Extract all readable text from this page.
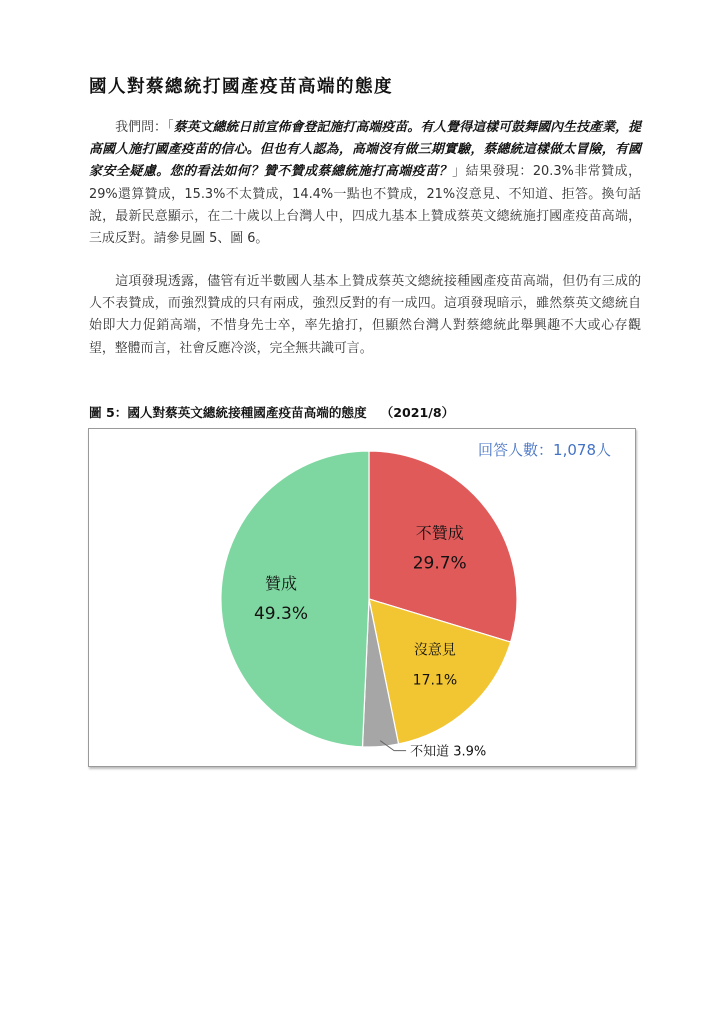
國人對蔡總統打國產疫苗高端的態度

我們問：「蔡英文總統日前宣佈會登記施打高端疫苗。有人覺得這樣可鼓舞國內生技產業，提高國人施打國產疫苗的信心。但也有人認為，高端沒有做三期實驗，蔡總統這樣做太冒險，有國家安全疑慮。您的看法如何？贊不贊成蔡總統施打高端疫苗？」結果發現：20.3%非常贊成，29%還算贊成，15.3%不太贊成，14.4%一點也不贊成，21%沒意見、不知道、拒答。換句話說，最新民意顯示，在二十歲以上台灣人中，四成九基本上贊成蔡英文總統施打國產疫苗高端，三成反對。請參見圖 5、圖 6。

這項發現透露，儘管有近半數國人基本上贊成蔡英文總統接種國產疫苗高端，但仍有三成的人不表贊成，而強烈贊成的只有兩成，強烈反對的有一成四。這項發現暗示，雖然蔡英文總統自始即大力促銷高端，不惜身先士卒，率先搶打，但顯然台灣人對蔡總統此舉興趣不大或心存觀望，整體而言，社會反應冷淡，完全無共識可言。

圖 5：國人對蔡英文總統接種國產疫苗高端的態度 （2021/8）
不贊成
29.7%
沒意見
17.1%
不知道 3.9%
贊成
49.3%
回答人數：1,078人
